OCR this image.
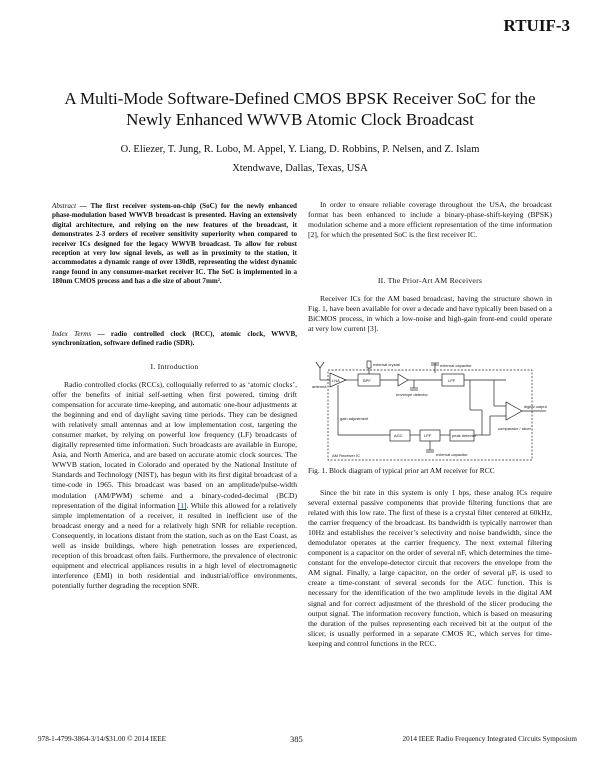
RTUIF-3
A Multi-Mode Software-Defined CMOS BPSK Receiver SoC for the Newly Enhanced WWVB Atomic Clock Broadcast
O. Eliezer, T. Jung, R. Lobo, M. Appel, Y. Liang, D. Robbins, P. Nelsen, and Z. Islam
Xtendwave, Dallas, Texas, USA
Abstract — The first receiver system-on-chip (SoC) for the newly enhanced phase-modulation based WWVB broadcast is presented. Having an extensively digital architecture, and relying on the new features of the broadcast, it demonstrates 2-3 orders of receiver sensitivity superiority when compared to receiver ICs designed for the legacy WWVB broadcast. To allow for robust reception at very low signal levels, as well as in proximity to the station, it accommodates a dynamic range of over 130dB, representing the widest dynamic range found in any consumer-market receiver IC. The SoC is implemented in a 180nm CMOS process and has a die size of about 7mm².
Index Terms — radio controlled clock (RCC), atomic clock, WWVB, synchronization, software defined radio (SDR).
I. Introduction
Radio controlled clocks (RCCs), colloquially referred to as ‘atomic clocks’, offer the benefits of initial self-setting when first powered, timing drift compensation for accurate time-keeping, and automatic one-hour adjustments at the beginning and end of daylight saving time periods. They can be designed with relatively small antennas and at low implementation cost, targeting the consumer market, by relying on powerful low frequency (LF) broadcasts of digitally represented time information. Such broadcasts are available in Europe, Asia, and North America, and are based on accurate atomic clock sources. The WWVB station, located in Colorado and operated by the National Institute of Standards and Technology (NIST), has begun with its first digital broadcast of a time-code in 1965. This broadcast was based on an amplitude/pulse-width modulation (AM/PWM) scheme and a binary-coded-decimal (BCD) representation of the digital information [1]. While this allowed for a relatively simple implementation of a receiver, it resulted in inefficient use of the broadcast energy and a need for a relatively high SNR for reliable reception. Consequently, in locations distant from the station, such as on the East Coast, as well as inside buildings, where high penetration losses are experienced, reception of this broadcast often fails. Furthermore, the prevalence of electronic equipment and electrical appliances results in a high level of electromagnetic interference (EMI) in both residential and industrial/office environments, potentially further degrading the reception SNR.
In order to ensure reliable coverage throughout the USA, the broadcast format has been enhanced to include a binary-phase-shift-keying (BPSK) modulation scheme and a more efficient representation of the time information [2], for which the presented SoC is the first receiver IC.
II. The Prior-Art AM Receivers
Receiver ICs for the AM based broadcast, having the structure shown in Fig. 1, have been available for over a decade and have typically been based on a BiCMOS process, in which a low-noise and high-gain front-end could operate at very low current [3].
antenna
LNA	BPF
external crystal
envelope detector
external capacitor
LPF
gain adjustment
AGC	LPF	peak detector
comparator / slicer
digital output
external capacitor
AM Receiver IC
Fig. 1. Block diagram of typical prior art AM receiver for RCC
Since the bit rate in this system is only 1 bps, these analog ICs require several external passive components that provide filtering functions that are related with this low rate. The first of these is a crystal filter centered at 60kHz, the carrier frequency of the broadcast. Its bandwidth is typically narrower than 10Hz and establishes the receiver’s selectivity and noise bandwidth, since the demodulator operates at the carrier frequency. The next external filtering component is a capacitor on the order of several nF, which determines the time-constant for the envelope-detector circuit that recovers the envelope from the AM signal. Finally, a large capacitor, on the order of several μF, is used to create a time-constant of several seconds for the AGC function. This is necessary for the identification of the two amplitude levels in the digital AM signal and for correct adjustment of the threshold of the slicer producing the output signal. The information recovery function, which is based on measuring the duration of the pulses representing each received bit at the output of the slicer, is usually performed in a separate CMOS IC, which serves for time-keeping and control functions in the RCC.
978-1-4799-3864-3/14/$31.00 © 2014 IEEE	385	2014 IEEE Radio Frequency Integrated Circuits Symposium
